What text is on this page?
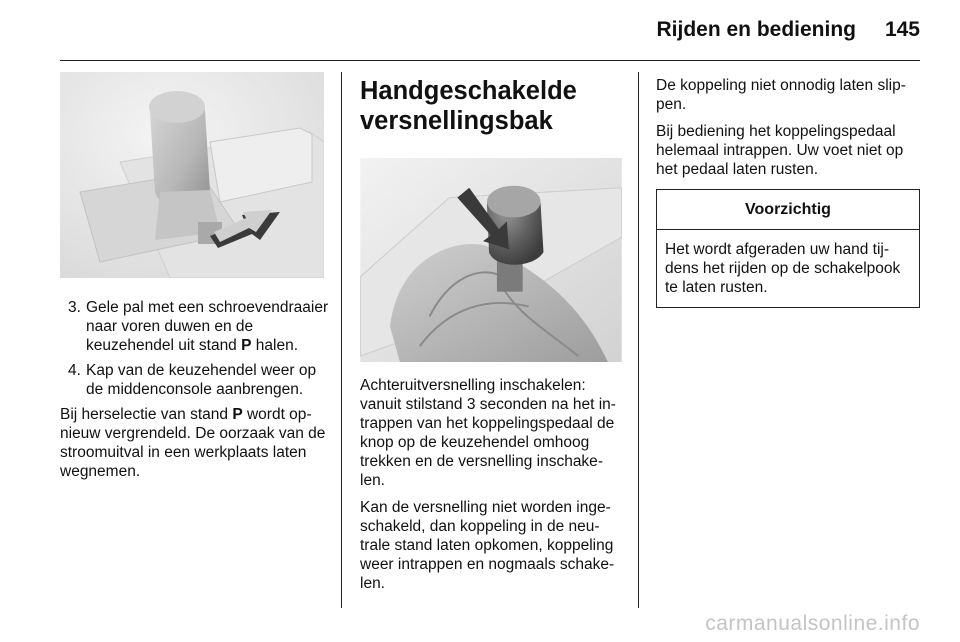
Rijden en bediening 145
3. Gele pal met een schroevendraaier naar voren duwen en de keuzehendel uit stand P halen.
4. Kap van de keuzehendel weer op de middenconsole aanbrengen.

Bij herselectie van stand P wordt opnieuw vergrendeld. De oorzaak van de stroomuitval in een werkplaats laten wegnemen.

Handgeschakelde versnellingsbak

Achteruitversnelling inschakelen: vanuit stilstand 3 seconden na het intrappen van het koppelingspedaal de knop op de keuzehendel omhoog trekken en de versnelling inschakelen.

Kan de versnelling niet worden ingeschakeld, dan koppeling in de neutrale stand laten opkomen, koppeling weer intrappen en nogmaals schakelen.

De koppeling niet onnodig laten slippen.

Bij bediening het koppelingspedaal helemaal intrappen. Uw voet niet op het pedaal laten rusten.

Voorzichtig
Het wordt afgeraden uw hand tijdens het rijden op de schakelpook te laten rusten.
carmanualsonline.info
